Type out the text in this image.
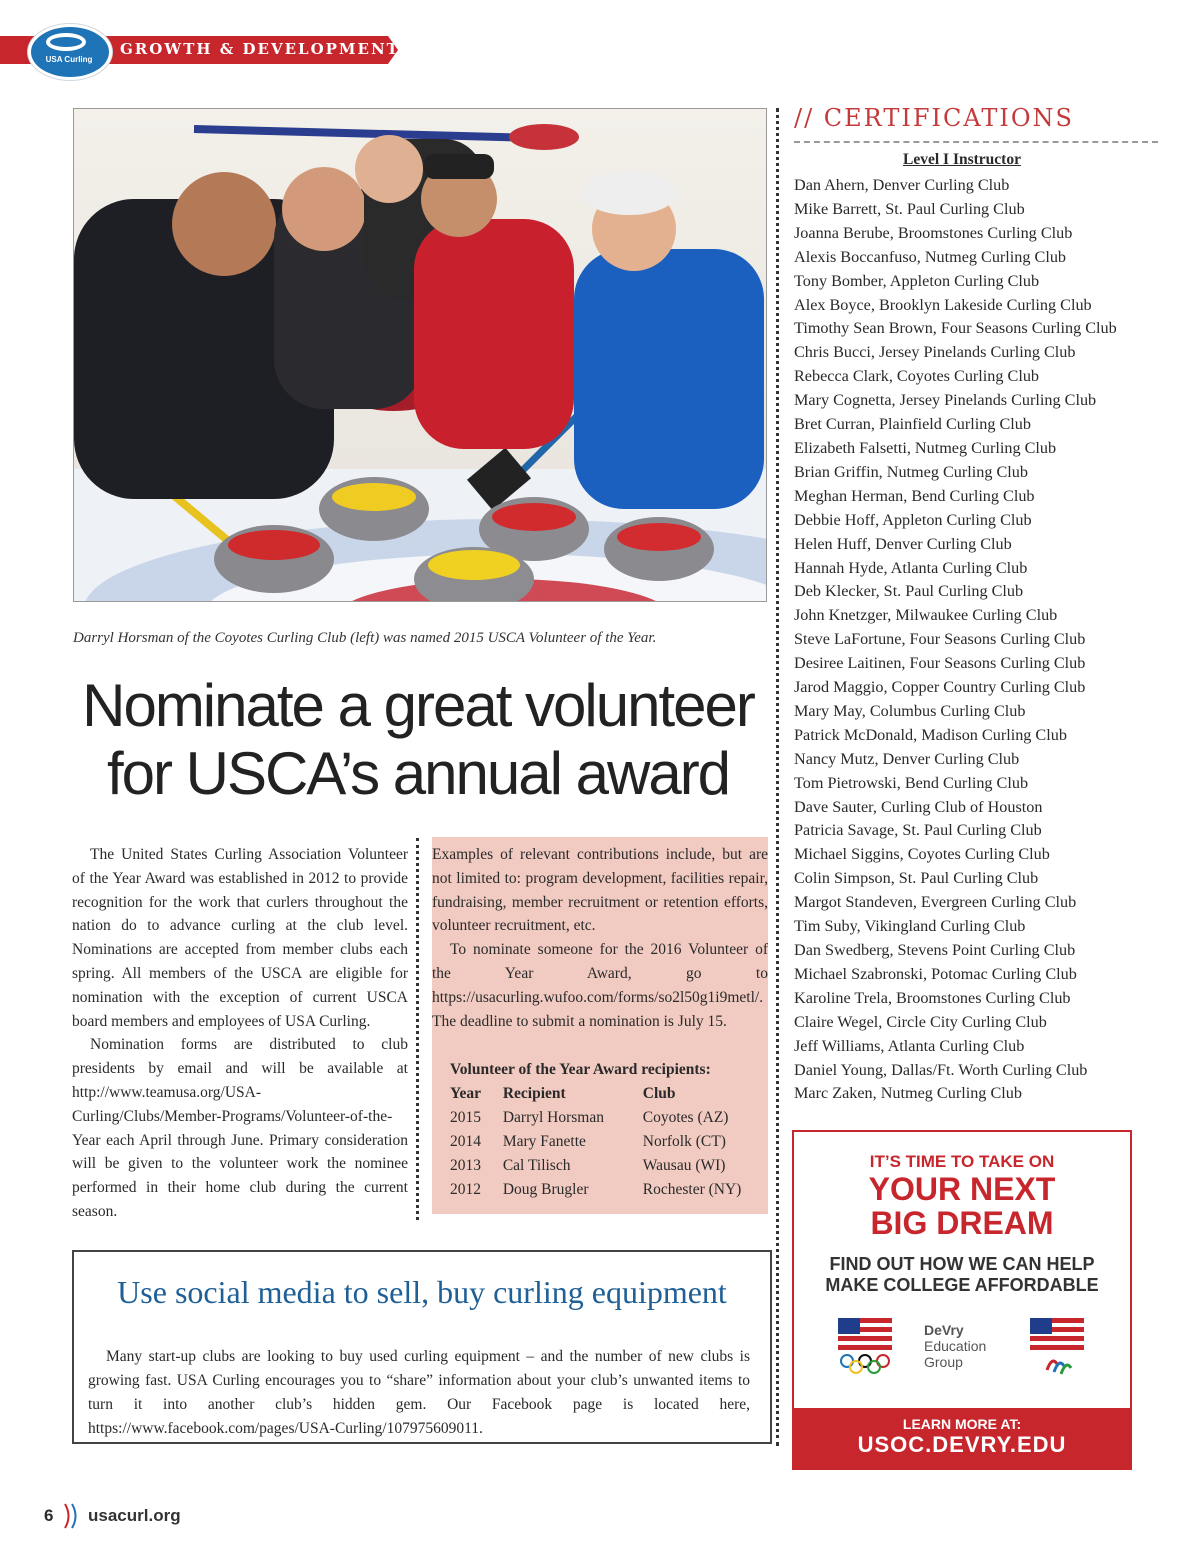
GROWTH & DEVELOPMENT
USA Curling
Darryl Horsman of the Coyotes Curling Club (left) was named 2015 USCA Volunteer of the Year.
Nominate a great volunteer
for USCA’s annual award

The United States Curling Association Volunteer of the Year Award was established in 2012 to provide recognition for the work that curlers throughout the nation do to advance curling at the club level. Nominations are accepted from member clubs each spring. All members of the USCA are eligible for nomination with the exception of current USCA board members and employees of USA Curling.

Nomination forms are distributed to club presidents by email and will be available at http://www.teamusa.org/USA-Curling/Clubs/Member-Programs/Volunteer-of-the-Year each April through June. Primary consideration will be given to the volunteer work the nominee performed in their home club during the current season.

Examples of relevant contributions include, but are not limited to: program development, facilities repair, fundraising, member recruitment or retention efforts, volunteer recruitment, etc.

To nominate someone for the 2016 Volunteer of the Year Award, go to https://usacurling.wufoo.com/forms/so2l50g1i9metl/. The deadline to submit a nomination is July 15.

Volunteer of the Year Award recipients:
Year	Recipient	Club
2015	Darryl Horsman	Coyotes (AZ)
2014	Mary Fanette	Norfolk (CT)
2013	Cal Tilisch	Wausau (WI)
2012	Doug Brugler	Rochester (NY)
Use social media to sell, buy curling equipment

Many start-up clubs are looking to buy used curling equipment – and the number of new clubs is growing fast. USA Curling encourages you to “share” information about your club’s unwanted items to turn it into another club’s hidden gem. Our Facebook page is located here, https://www.facebook.com/pages/USA-Curling/107975609011.

// CERTIFICATIONS
Level I Instructor
Dan Ahern, Denver Curling Club
Mike Barrett, St. Paul Curling Club
Joanna Berube, Broomstones Curling Club
Alexis Boccanfuso, Nutmeg Curling Club
Tony Bomber, Appleton Curling Club
Alex Boyce, Brooklyn Lakeside Curling Club
Timothy Sean Brown, Four Seasons Curling Club
Chris Bucci, Jersey Pinelands Curling Club
Rebecca Clark, Coyotes Curling Club
Mary Cognetta, Jersey Pinelands Curling Club
Bret Curran, Plainfield Curling Club
Elizabeth Falsetti, Nutmeg Curling Club
Brian Griffin, Nutmeg Curling Club
Meghan Herman, Bend Curling Club
Debbie Hoff, Appleton Curling Club
Helen Huff, Denver Curling Club
Hannah Hyde, Atlanta Curling Club
Deb Klecker, St. Paul Curling Club
John Knetzger, Milwaukee Curling Club
Steve LaFortune, Four Seasons Curling Club
Desiree Laitinen, Four Seasons Curling Club
Jarod Maggio, Copper Country Curling Club
Mary May, Columbus Curling Club
Patrick McDonald, Madison Curling Club
Nancy Mutz, Denver Curling Club
Tom Pietrowski, Bend Curling Club
Dave Sauter, Curling Club of Houston
Patricia Savage, St. Paul Curling Club
Michael Siggins, Coyotes Curling Club
Colin Simpson, St. Paul Curling Club
Margot Standeven, Evergreen Curling Club
Tim Suby, Vikingland Curling Club
Dan Swedberg, Stevens Point Curling Club
Michael Szabronski, Potomac Curling Club
Karoline Trela, Broomstones Curling Club
Claire Wegel, Circle City Curling Club
Jeff Williams, Atlanta Curling Club
Daniel Young, Dallas/Ft. Worth Curling Club
Marc Zaken, Nutmeg Curling Club
IT’S TIME TO TAKE ON
YOUR NEXT
BIG DREAM
FIND OUT HOW WE CAN HELP
MAKE COLLEGE AFFORDABLE
DeVry
Education
Group
LEARN MORE AT:
USOC.DEVRY.EDU
6 usacurl.org
